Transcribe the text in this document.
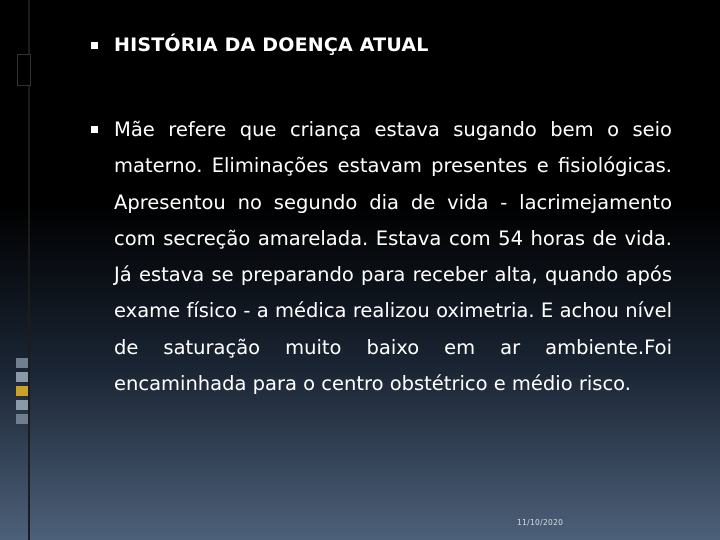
HISTÓRIA DA DOENÇA ATUAL
Mãe refere que criança estava sugando bem o seio materno. Eliminações estavam presentes e fisiológicas. Apresentou no segundo dia de vida - lacrimejamento com secreção amarelada. Estava com 54 horas de vida. Já estava se preparando para receber alta, quando após exame físico - a médica realizou oximetria. E achou nível de saturação muito baixo em ar ambiente.Foi encaminhada para o centro obstétrico e médio risco.
11/10/2020
